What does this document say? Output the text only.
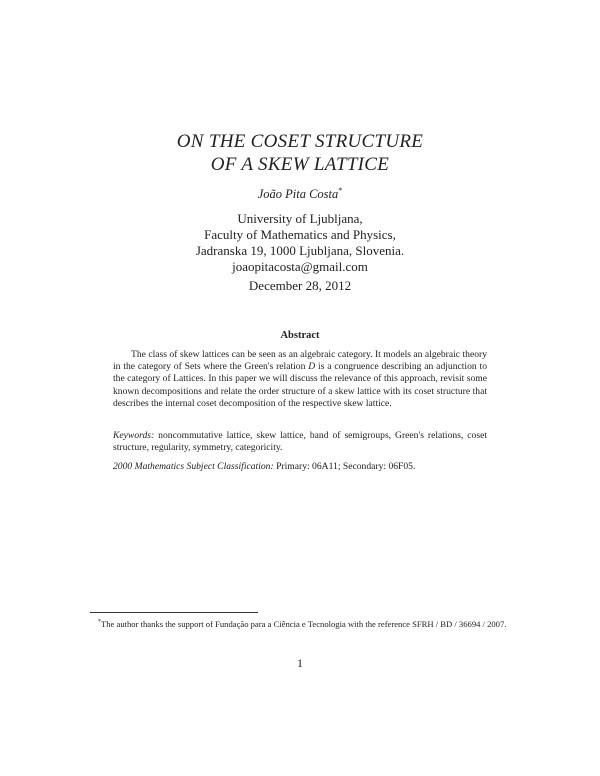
ON THE COSET STRUCTURE
OF A SKEW LATTICE
João Pita Costa*
University of Ljubljana,
Faculty of Mathematics and Physics,
Jadranska 19, 1000 Ljubljana, Slovenia.
joaopitacosta@gmail.com
December 28, 2012
Abstract
The class of skew lattices can be seen as an algebraic category. It models an algebraic theory in the category of Sets where the Green's relation D is a congruence describing an adjunction to the category of Lattices. In this paper we will discuss the relevance of this approach, revisit some known decompositions and relate the order structure of a skew lattice with its coset structure that describes the internal coset decomposition of the respective skew lattice.
Keywords: noncommutative lattice, skew lattice, band of semigroups, Green's relations, coset structure, regularity, symmetry, categoricity.
2000 Mathematics Subject Classification: Primary: 06A11; Secondary: 06F05.
*The author thanks the support of Fundação para a Ciência e Tecnologia with the reference SFRH / BD / 36694 / 2007.
1
